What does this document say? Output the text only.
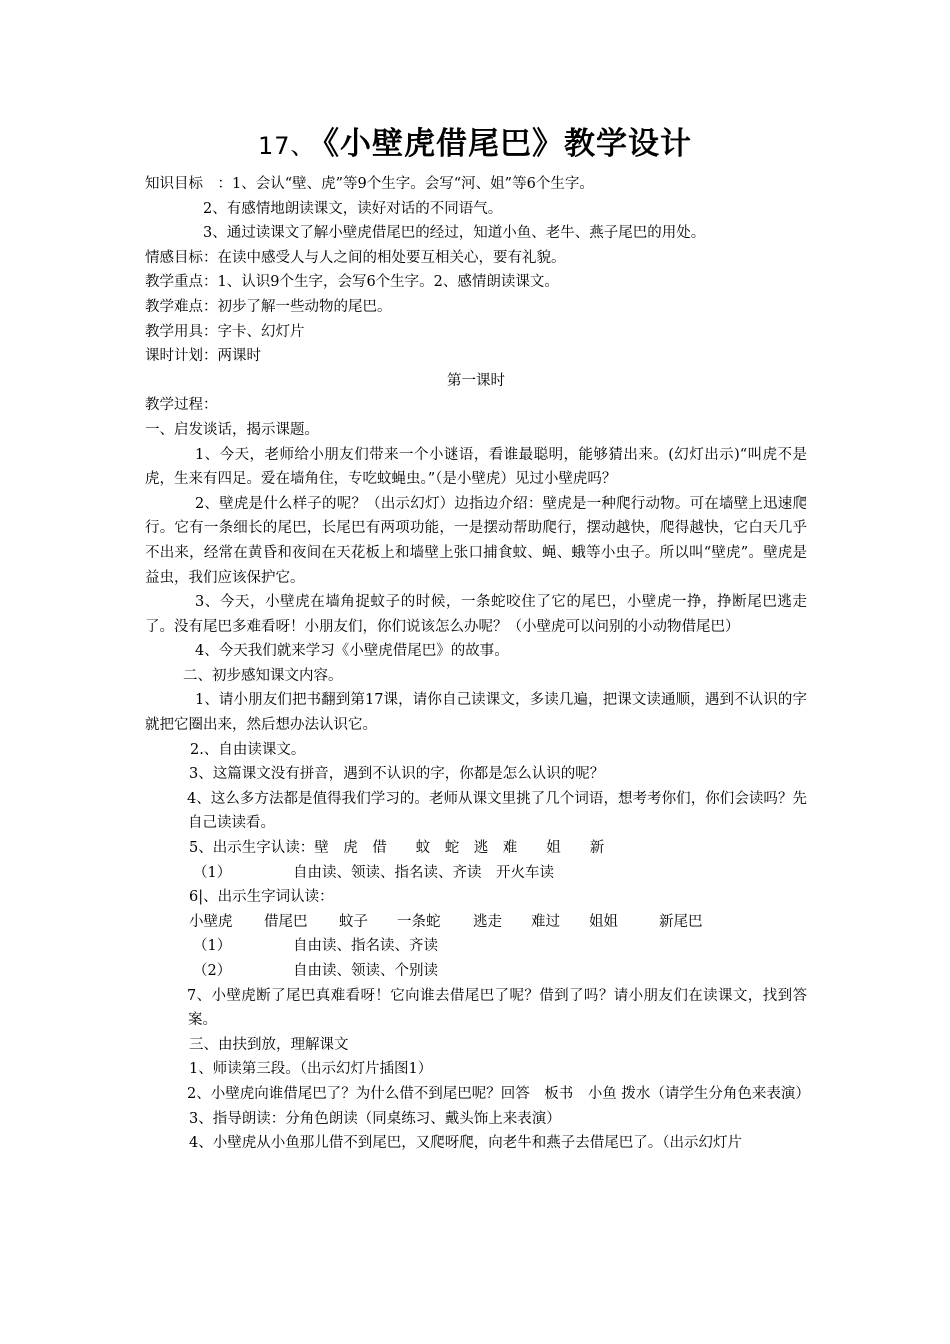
17、 《小壁虎借尾巴》教学设计
知识目标　：1、会认“壁、虎”等9个生字。会写“河、姐”等6个生字。
2、有感情地朗读课文，读好对话的不同语气。
3、通过读课文了解小壁虎借尾巴的经过，知道小鱼、老牛、燕子尾巴的用处。
情感目标：在读中感受人与人之间的相处要互相关心，要有礼貌。
教学重点：1、认识9个生字，会写6个生字。2、感情朗读课文。
教学难点：初步了解一些动物的尾巴。
教学用具：字卡、幻灯片
课时计划：两课时
第一课时
教学过程：
一、启发谈话，揭示课题。
1、今天，老师给小朋友们带来一个小谜语，看谁最聪明，能够猜出来。(幻灯出示)“叫虎不是虎，生来有四足。爱在墙角住，专吃蚊蝇虫。”（是小壁虎）见过小壁虎吗？
2、壁虎是什么样子的呢？（出示幻灯）边指边介绍：壁虎是一种爬行动物。可在墙壁上迅速爬行。它有一条细长的尾巴，长尾巴有两项功能，一是摆动帮助爬行，摆动越快，爬得越快，它白天几乎不出来，经常在黄昏和夜间在天花板上和墙壁上张口捕食蚊、蝇、蛾等小虫子。所以叫“壁虎”。壁虎是益虫，我们应该保护它。
3、今天，小壁虎在墙角捉蚊子的时候，一条蛇咬住了它的尾巴，小壁虎一挣，挣断尾巴逃走了。没有尾巴多难看呀！小朋友们，你们说该怎么办呢？（小壁虎可以问别的小动物借尾巴）
4、今天我们就来学习《小壁虎借尾巴》的故事。
二、初步感知课文内容。
1、请小朋友们把书翻到第17课，请你自己读课文，多读几遍，把课文读通顺，遇到不认识的字就把它圈出来，然后想办法认识它。
2.、自由读课文。
3、这篇课文没有拼音，遇到不认识的字，你都是怎么认识的呢？
4、这么多方法都是值得我们学习的。老师从课文里挑了几个词语，想考考你们，你们会读吗？先自己读读看。
5、出示生字认读：壁　虎　借　　蚊　蛇　逃　难　　姐　　新
（1）	自由读、领读、指名读、齐读　开火车读
6|、出示生字词认读：
小壁虎 借尾巴 蚊子 一条蛇 逃走 难过 姐姐	新尾巴
（1）	自由读、指名读、齐读
（2）	自由读、领读、个别读
7、小壁虎断了尾巴真难看呀！它向谁去借尾巴了呢？借到了吗？请小朋友们在读课文，找到答案。
三、由扶到放，理解课文
1、师读第三段。（出示幻灯片插图1）
2、小壁虎向谁借尾巴了？为什么借不到尾巴呢？回答　板书　小鱼 拨水（请学生分角色来表演）
3、指导朗读：分角色朗读（同桌练习、戴头饰上来表演）
4、小壁虎从小鱼那儿借不到尾巴，又爬呀爬，向老牛和燕子去借尾巴了。（出示幻灯片
